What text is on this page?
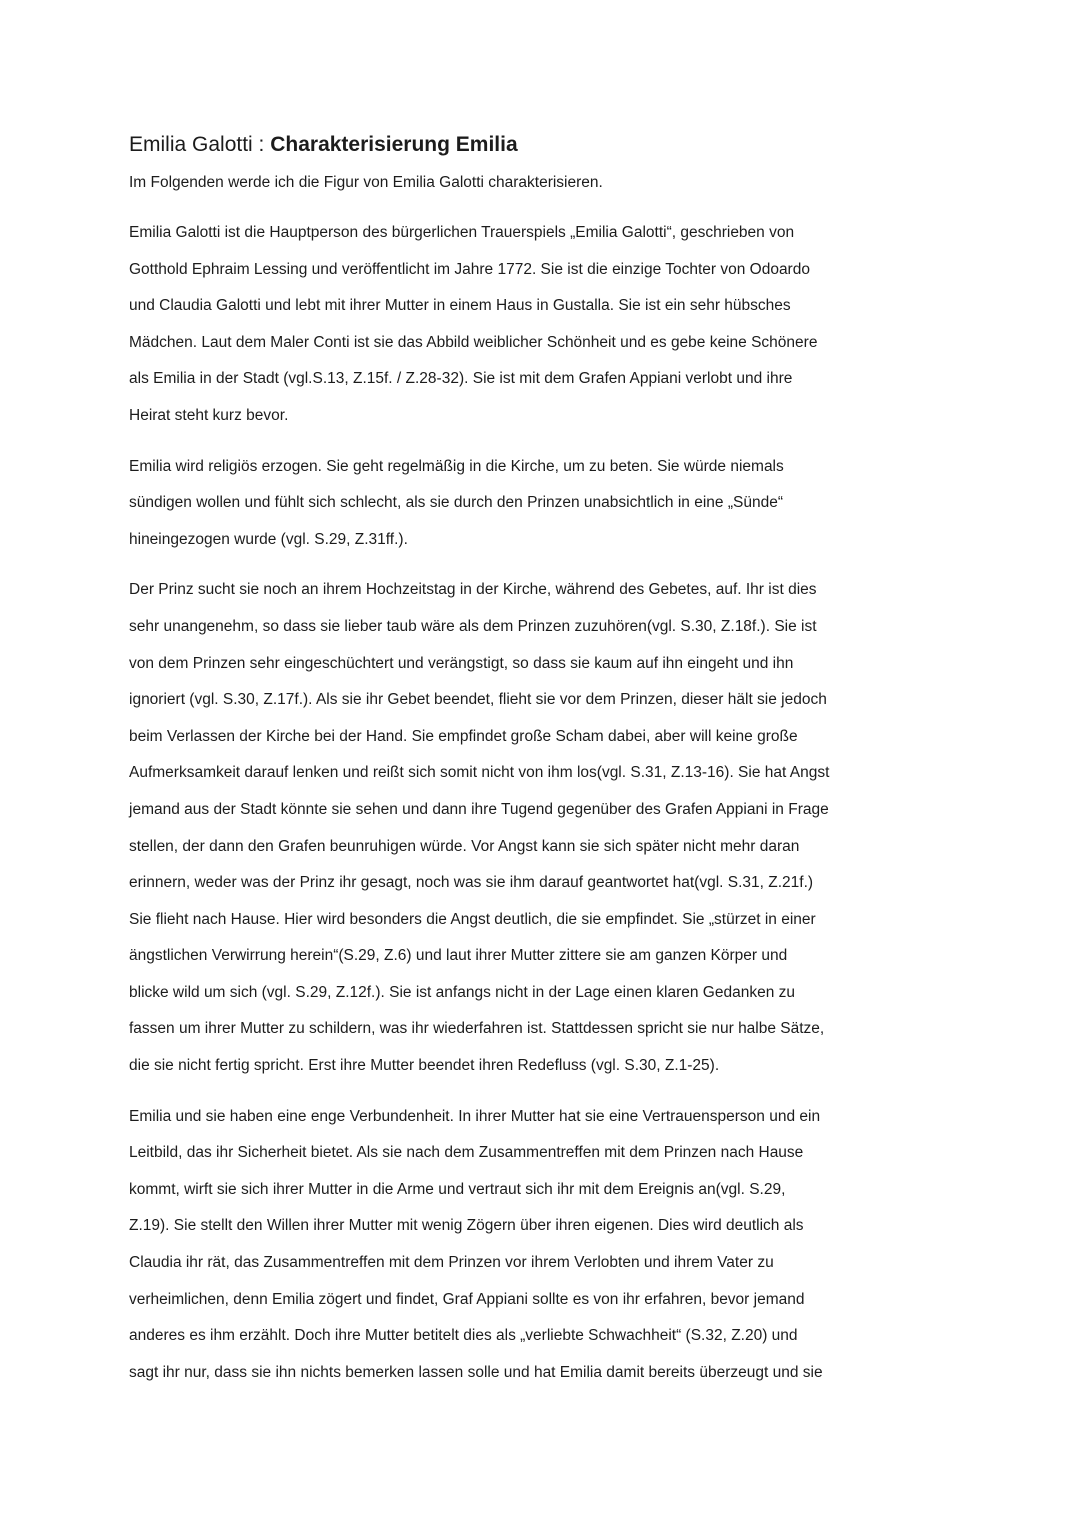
Emilia Galotti : Charakterisierung Emilia

Im Folgenden werde ich die Figur von Emilia Galotti charakterisieren.

Emilia Galotti ist die Hauptperson des bürgerlichen Trauerspiels „Emilia Galotti“, geschrieben von
Gotthold Ephraim Lessing und veröffentlicht im Jahre 1772. Sie ist die einzige Tochter von Odoardo
und Claudia Galotti und lebt mit ihrer Mutter in einem Haus in Gustalla. Sie ist ein sehr hübsches
Mädchen. Laut dem Maler Conti ist sie das Abbild weiblicher Schönheit und es gebe keine Schönere
als Emilia in der Stadt (vgl.S.13, Z.15f. / Z.28-32). Sie ist mit dem Grafen Appiani verlobt und ihre
Heirat steht kurz bevor.

Emilia wird religiös erzogen. Sie geht regelmäßig in die Kirche, um zu beten. Sie würde niemals
sündigen wollen und fühlt sich schlecht, als sie durch den Prinzen unabsichtlich in eine „Sünde“
hineingezogen wurde (vgl. S.29, Z.31ff.).

Der Prinz sucht sie noch an ihrem Hochzeitstag in der Kirche, während des Gebetes, auf. Ihr ist dies
sehr unangenehm, so dass sie lieber taub wäre als dem Prinzen zuzuhören(vgl. S.30, Z.18f.). Sie ist
von dem Prinzen sehr eingeschüchtert und verängstigt, so dass sie kaum auf ihn eingeht und ihn
ignoriert (vgl. S.30, Z.17f.). Als sie ihr Gebet beendet, flieht sie vor dem Prinzen, dieser hält sie jedoch
beim Verlassen der Kirche bei der Hand. Sie empfindet große Scham dabei, aber will keine große
Aufmerksamkeit darauf lenken und reißt sich somit nicht von ihm los(vgl. S.31, Z.13-16). Sie hat Angst
jemand aus der Stadt könnte sie sehen und dann ihre Tugend gegenüber des Grafen Appiani in Frage
stellen, der dann den Grafen beunruhigen würde. Vor Angst kann sie sich später nicht mehr daran
erinnern, weder was der Prinz ihr gesagt, noch was sie ihm darauf geantwortet hat(vgl. S.31, Z.21f.)
Sie flieht nach Hause. Hier wird besonders die Angst deutlich, die sie empfindet. Sie „stürzet in einer
ängstlichen Verwirrung herein“(S.29, Z.6) und laut ihrer Mutter zittere sie am ganzen Körper und
blicke wild um sich (vgl. S.29, Z.12f.). Sie ist anfangs nicht in der Lage einen klaren Gedanken zu
fassen um ihrer Mutter zu schildern, was ihr wiederfahren ist. Stattdessen spricht sie nur halbe Sätze,
die sie nicht fertig spricht. Erst ihre Mutter beendet ihren Redefluss (vgl. S.30, Z.1-25).

Emilia und sie haben eine enge Verbundenheit. In ihrer Mutter hat sie eine Vertrauensperson und ein
Leitbild, das ihr Sicherheit bietet. Als sie nach dem Zusammentreffen mit dem Prinzen nach Hause
kommt, wirft sie sich ihrer Mutter in die Arme und vertraut sich ihr mit dem Ereignis an(vgl. S.29,
Z.19). Sie stellt den Willen ihrer Mutter mit wenig Zögern über ihren eigenen. Dies wird deutlich als
Claudia ihr rät, das Zusammentreffen mit dem Prinzen vor ihrem Verlobten und ihrem Vater zu
verheimlichen, denn Emilia zögert und findet, Graf Appiani sollte es von ihr erfahren, bevor jemand
anderes es ihm erzählt. Doch ihre Mutter betitelt dies als „verliebte Schwachheit“ (S.32, Z.20) und
sagt ihr nur, dass sie ihn nichts bemerken lassen solle und hat Emilia damit bereits überzeugt und sie
